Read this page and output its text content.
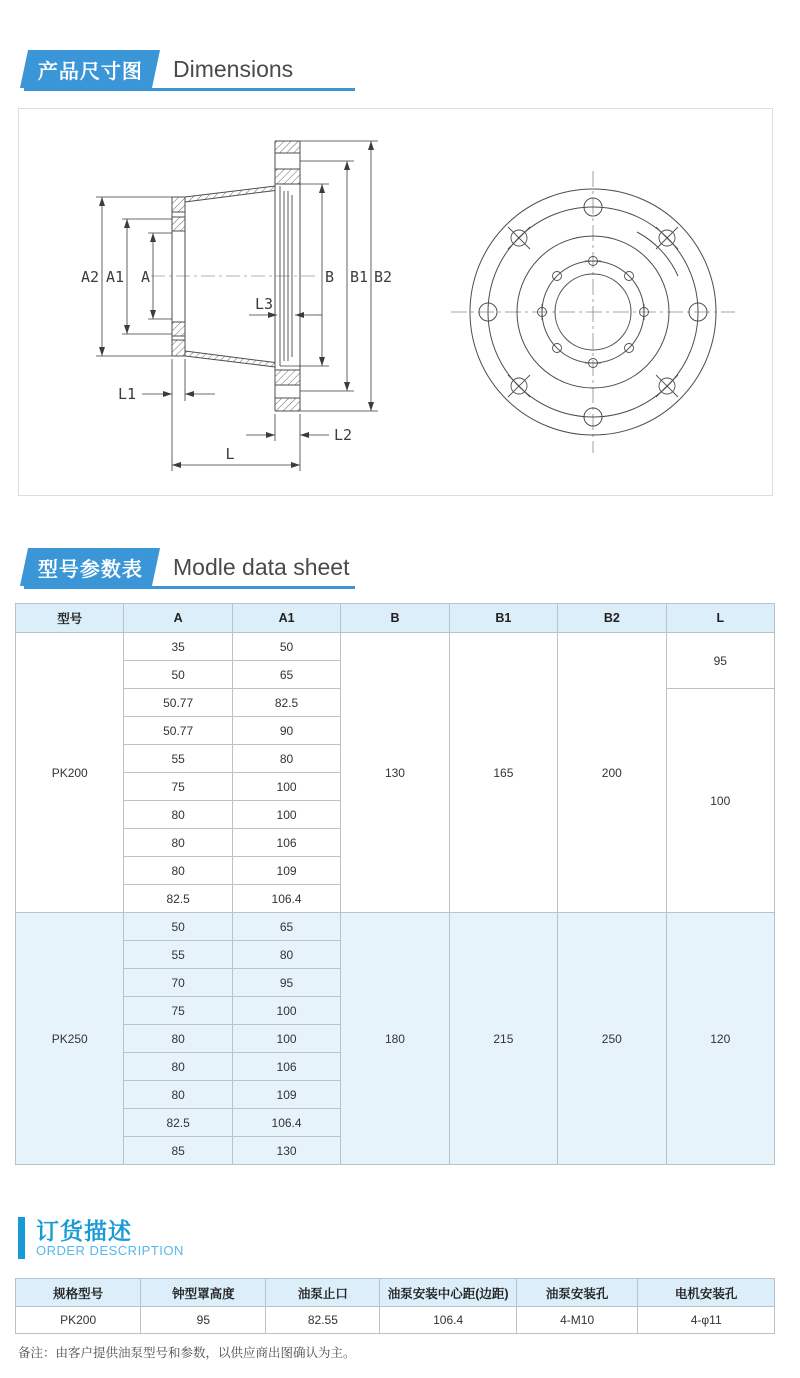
产品尺寸图 Dimensions
A2 A1 A	B B1 B2
L3
L1
L2
L
型号参数表 Modle data sheet
型号	A	A1	B	B1	B2	L
PK200	35	50	130	165	200	95
	50	65				
	50.77	82.5				100
	50.77	90				
	55	80				
	75	100				
	80	100				
	80	106				
	80	109				
	82.5	106.4				
PK250	50	65	180	215	250	120
	55	80				
	70	95				
	75	100				
	80	100				
	80	106				
	80	109				
	82.5	106.4				
	85	130				
订货描述
ORDER DESCRIPTION
规格型号	钟型罩高度	油泵止口	油泵安装中心距(边距)	油泵安装孔	电机安装孔
PK200	95	82.55	106.4	4-M10	4-φ11
备注：由客户提供油泵型号和参数，以供应商出图确认为主。
